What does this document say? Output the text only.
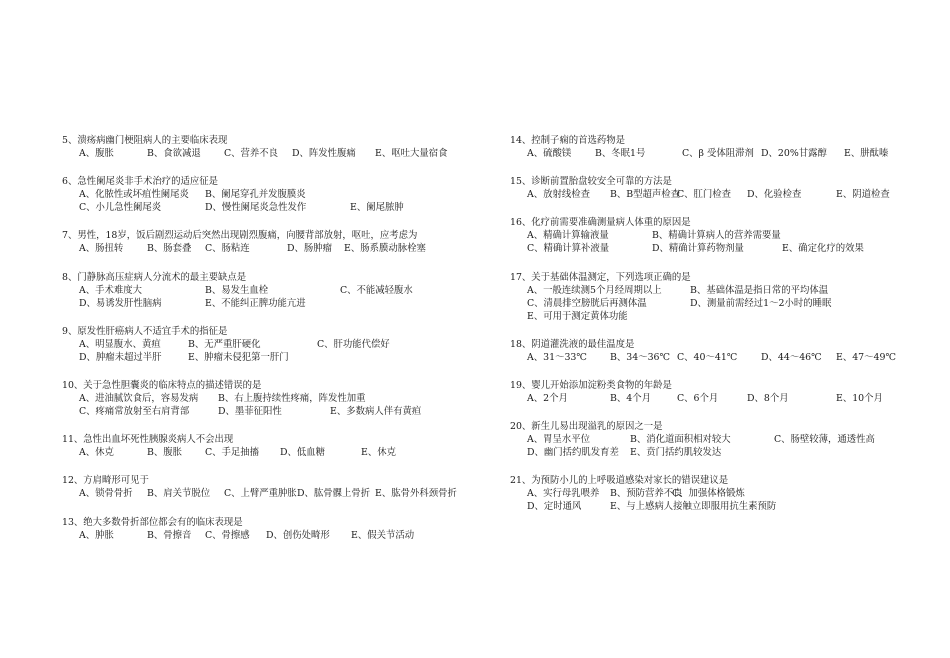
5、溃疡病幽门梗阻病人的主要临床表现
A、腹胀	B、食欲减退 C、营养不良 D、阵发性腹痛 E、呕吐大量宿食
6、急性阑尾炎非手术治疗的适应征是
A、化脓性或坏疽性阑尾炎 B、阑尾穿孔并发腹膜炎
C、小儿急性阑尾炎	D、慢性阑尾炎急性发作	E、阑尾脓肿
7、男性，18岁，饭后剧烈运动后突然出现剧烈腹痛，向腰背部放射，呕吐，应考虑为
A、肠扭转	B、肠套叠 C、肠粘连	D、肠肿瘤 E、肠系膜动脉栓塞
8、门静脉高压症病人分流术的最主要缺点是
A、手术难度大	B、易发生血栓	C、不能减轻腹水
D、易诱发肝性脑病	E、不能纠正脾功能亢进
9、原发性肝癌病人不适宜手术的指征是
A、明显腹水、黄疸	B、无严重肝硬化	C、肝功能代偿好
D、肿瘤未超过半肝	E、肿瘤未侵犯第一肝门
10、关于急性胆囊炎的临床特点的描述错误的是
A、进油腻饮食后，容易发病 B、右上腹持续性疼痛，阵发性加重
C、疼痛常放射至右肩背部	D、墨菲征阳性	E、多数病人伴有黄疸
11、急性出血坏死性胰腺炎病人不会出现
A、休克	B、腹胀 C、手足抽搐 D、低血糖	E、休克
12、方肩畸形可见于
A、锁骨骨折 B、肩关节脱位 C、上臂严重肿胀 D、肱骨髁上骨折 E、肱骨外科颈骨折
13、绝大多数骨折部位都会有的临床表现是
A、肿胀	B、骨擦音 C、骨擦感 D、创伤处畸形 E、假关节活动
14、控制子痫的首选药物是
A、硫酸镁	B、冬眠1号	C、β 受体阻滞剂 D、20%甘露醇 E、肼酞嗪
15、诊断前置胎盘较安全可靠的方法是
A、放射线检查 B、B型超声检查
C、肛门检查 D、化验检查	E、阴道检查
16、化疗前需要准确测量病人体重的原因是
A、精确计算输液量	B、精确计算病人的营养需要量
C、精确计算补液量	D、精确计算药物剂量	E、确定化疗的效果
17、关于基础体温测定，下列选项正确的是
A、一般连续测5个月经周期以上	B、基础体温是指日常的平均体温
C、清晨排空膀胱后再测体温	D、测量前需经过1～2小时的睡眠
E、可用于测定黄体功能
18、阴道灌洗液的最佳温度是
A、31～33℃ B、34～36℃ C、40～41℃	D、44～46℃ E、47～49℃
19、婴儿开始添加淀粉类食物的年龄是
A、2个月	B、4个月	C、6个月	D、8个月	E、10个月
20、新生儿易出现溢乳的原因之一是
A、胃呈水平位	B、消化道面积相对较大	C、肠壁较薄，通透性高
D、幽门括约肌发育差 E、贲门括约肌较发达
21、为预防小儿的上呼吸道感染对家长的错误建议是
A、实行母乳喂养 B、预防营养不良
C、加强体格锻炼
D、定时通风	E、与上感病人接触立即服用抗生素预防
